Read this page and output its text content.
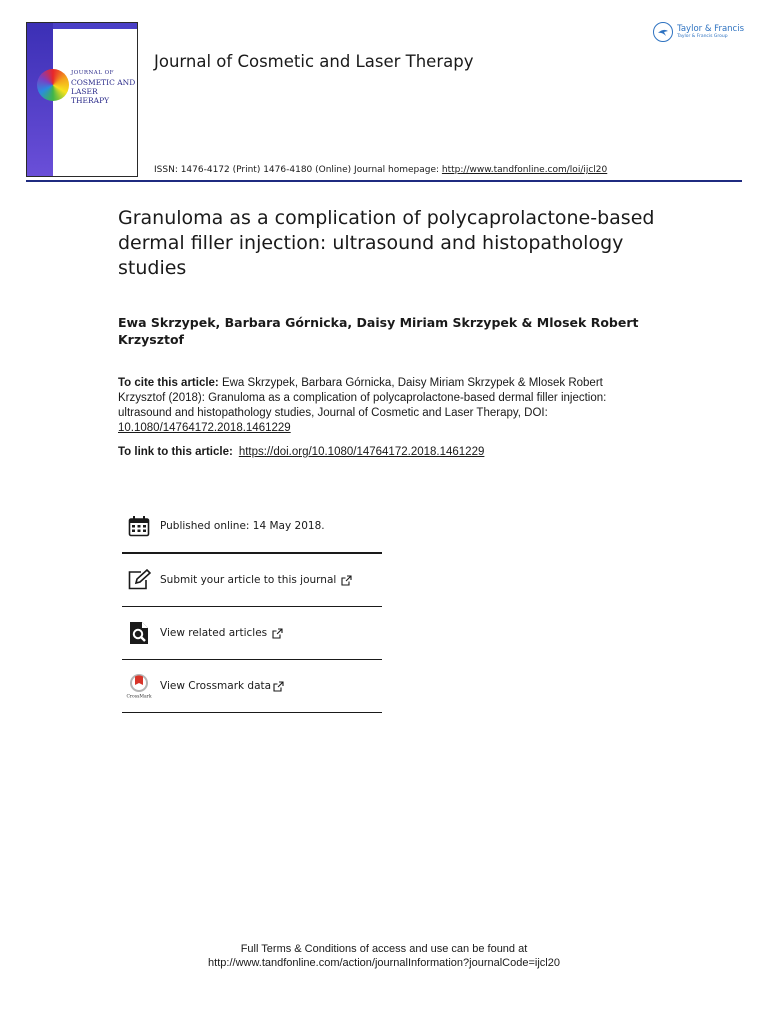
JOURNAL OF
COSMETIC AND
LASER THERAPY
Journal of Cosmetic and Laser Therapy
Taylor & Francis
Taylor & Francis Group
ISSN: 1476-4172 (Print) 1476-4180 (Online) Journal homepage: http://www.tandfonline.com/loi/ijcl20
Granuloma as a complication of polycaprolactone-based dermal filler injection: ultrasound and histopathology studies
Ewa Skrzypek, Barbara Górnicka, Daisy Miriam Skrzypek & Mlosek Robert Krzysztof
To cite this article: Ewa Skrzypek, Barbara Górnicka, Daisy Miriam Skrzypek & Mlosek Robert Krzysztof (2018): Granuloma as a complication of polycaprolactone-based dermal filler injection: ultrasound and histopathology studies, Journal of Cosmetic and Laser Therapy, DOI: 10.1080/14764172.2018.1461229
To link to this article: https://doi.org/10.1080/14764172.2018.1461229
Published online: 14 May 2018.
Submit your article to this journal
View related articles
CrossMark
View Crossmark data
Full Terms & Conditions of access and use can be found at
http://www.tandfonline.com/action/journalInformation?journalCode=ijcl20
